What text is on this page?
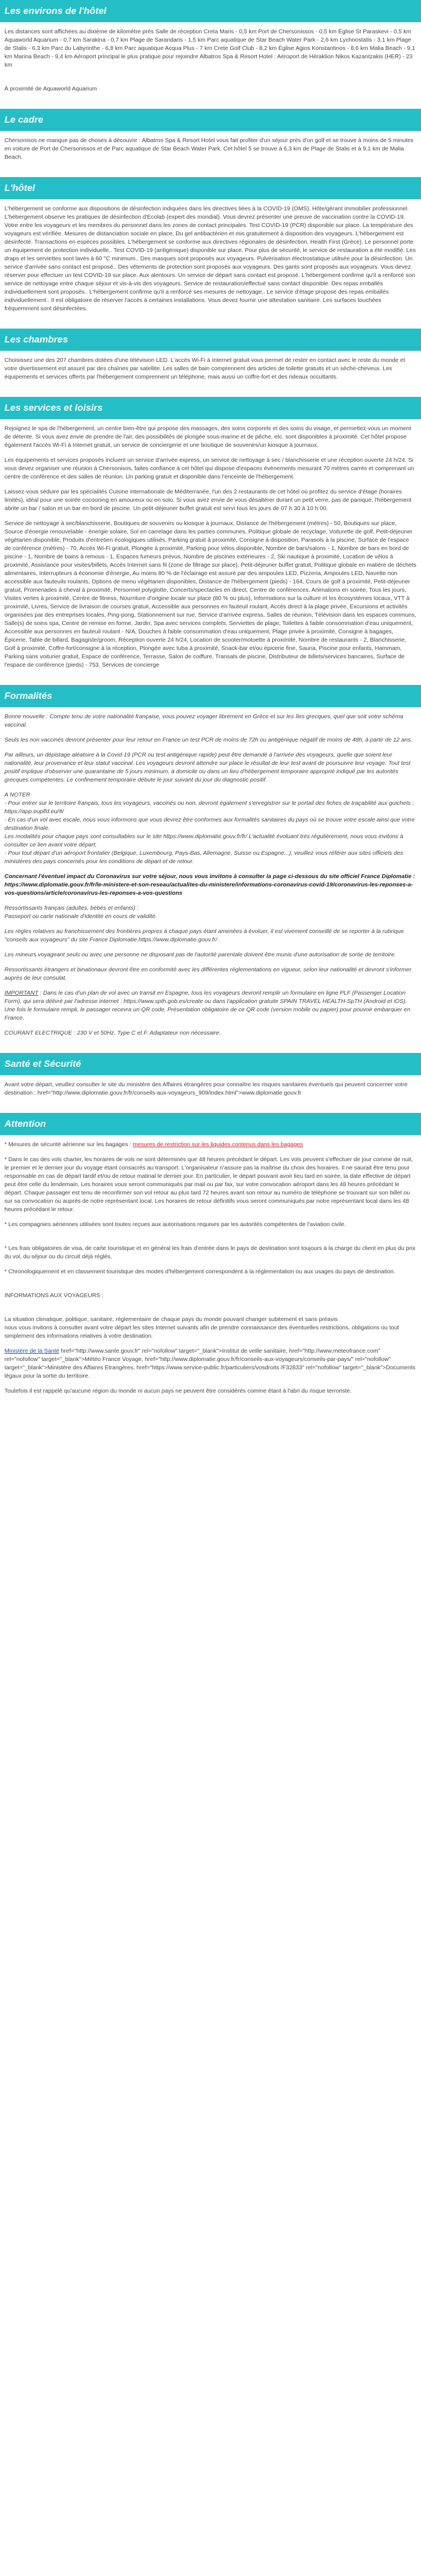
Les environs de l'hôtel

Les distances sont affichées au dixième de kilomètre près Salle de réception Creta Maris - 0,5 km Port de Chersonissos - 0,5 km Église St Paraskevi - 0,5 km Aquaworld Aquarium - 0,7 km Sarakina - 0,7 km Plage de Sarandaris - 1,5 km Parc aquatique de Star Beach Water Park - 2,6 km Lychnostatis - 3,1 km Plage de Stalis - 6,3 km Parc du Labyrinthe - 6,8 km Parc aquatique Acqua Plus - 7 km Crete Golf Club - 8,2 km Église Agios Konstantinos - 8,6 km Malia Beach - 9,1 km Marina Beach - 9,4 km Aéroport principal le plus pratique pour rejoindre Albatros Spa & Resort Hotel : Aéroport de Héraklion Nikos Kazantzakis (HER) - 23 km

À proximité de Aquaworld Aquarium

Le cadre

Chersonisos ne manque pas de choses à découvrir : Albatros Spa & Resort Hotel vous fait profiter d'un séjour près d'un golf et se trouve à moins de 5 minutes en voiture de Port de Chersonissos et de Parc aquatique de Star Beach Water Park. Cet hôtel 5 se trouve à 6,3 km de Plage de Stalis et à 9,1 km de Malia Beach.

L'hôtel

L'hébergement se conforme aux dispositions de désinfection indiquées dans les directives liées à la COVID-19 (OMS). Hôte/gérant immobilier professionnel. L'hébergement observe les pratiques de désinfection d'Ecolab (expert des mondial). Vous devrez présenter une preuve de vaccination contre la COVID-19. Votre entre les voyageurs et les membres du personnel dans les zones de contact principales. Test COVID-19 (PCR) disponible sur place. La température des voyageurs est vérifiée. Mesures de distanciation sociale en place. Du gel antibactérien et mis gratuitement à disposition des voyageurs. L'hébergement est désinfecté. Transactions en espèces possibles. L'hébergement se conforme aux directives régionales de désinfection. Health First (Grèce). Le personnel porte un équipement de protection individuelle.. Test COVID-19 (antigénique) disponible sur place. Pour plus de sécurité, le service de restauration a été modifié. Les draps et les serviettes sont lavés à 60 °C minimum.. Des masques sont proposés aux voyageurs. Pulvérisation électrostatique utilisée pour la désinfection. Un service d'arrivée sans contact est proposé.. Des vêtements de protection sont proposés aux voyageurs. Des gants sont proposés aux voyageurs. Vous devez réserver pour effectuer un test COVID-19 sur place. Aux alentours. Un service de départ sans contact est proposé. L'hébergement confirme qu'il a renforcé son service de nettoyage entre chaque séjour et vis-à-vis des voyageurs. Service de restauration/effectué sans contact disponible. Des repas emballés individuellement sont proposés.. L'hébergement confirme qu'il a renforcé ses mesures de nettoyage.. Le service d'étage propose des repas emballés individuellement.. Il est obligatoire de réserver l'accès à certaines installations. Vous devez fournir une attestation sanitaire. Les surfaces touchées fréquemment sont désinfectées.

Les chambres

Choisissez une des 207 chambres dotées d'une télévision LED. L'accès Wi-Fi à Internet gratuit vous permet de rester en contact avec le reste du monde et votre divertissement est assuré par des chaînes par satellite. Les salles de bain comprennent des articles de toilette gratuits et un sèche-cheveux. Les équipements et services offerts par l'hébergement comprennent un téléphone, mais aussi un coffre-fort et des rideaux occultants.

Les services et loisirs

Rejoignez le spa de l'hébergement, un centre bien-être qui propose des massages, des soins corporels et des soins du visage, et permettez-vous un moment de détente. Si vous avez envie de prendre de l'air, des possibilités de plongée sous-marine et de pêche, etc. sont disponibles à proximité. Cet hôtel propose également l'accès Wi-Fi à Internet gratuit, un service de conciergerie et une boutique de souvenirs/un kiosque à journaux.

Les équipements et services proposés incluent un service d'arrivée express, un service de nettoyage à sec / blanchisserie et une réception ouverte 24 h/24. Si vous devez organiser une réunion à Chersonisos, faites confiance à cet hôtel qui dispose d'espaces événements mesurant 70 mètres carrés et comprenant un centre de conférence et des salles de réunion. Un parking gratuit et disponible dans l'enceinte de l'hébergement.

Laissez-vous séduire par les spécialités Cuisine internationale de Méditerranée, l'un des 2 restaurants de cet hôtel où profitez du service d'étage (horaires limités), idéal pour une soirée cocooning en amoureux ou en solo. Si vous avez envie de vous désaltérer durant un petit verre, pas de panique, l'hébergement abrite un bar / salon et un bar en bord de piscine. Un petit-déjeuner buffet gratuit est servi tous les jours de 07 h 30 à 10 h 00.

Service de nettoyage à sec/blanchisserie, Boutiques de souvenirs ou kiosque à journaux, Distance de l'hébergement (mètres) - 50, Boutiques sur place, Source d'énergie renouvelable - énergie solaire, Sol en carrelage dans les parties communes, Politique globale de recyclage, Voiturette de golf, Petit-déjeuner végétarien disponible, Produits d'entretien écologiques utilisés, Parking gratuit à proximité, Consigne à disposition, Parasols à la piscine, Surface de l'espace de conférence (mètres) - 70, Accès Wi-Fi gratuit, Plongée à proximité, Parking pour vélos disponible, Nombre de bars/salons - 1, Nombre de bars en bord de piscine - 1, Nombre de bains à remous - 1, Espaces fumeurs prévus, Nombre de piscines extérieures - 2, Ski nautique à proximité, Location de vélos à proximité, Assistance pour visites/billets, Accès Internet sans fil (zone de filtrage sur place), Petit-déjeuner buffet gratuit, Politique globale en matière de déchets alimentaires, Interrupteurs à économie d'énergie, Au moins 80 % de l'éclairage est assuré par des ampoules LED, Pizzeria, Ampoules LED, Navette non accessible aux fauteuils roulants, Options de menu végétarien disponibles, Distance de l'hébergement (pieds) - 164, Cours de golf à proximité, Petit-déjeuner gratuit, Promenades à cheval à proximité, Personnel polyglotte, Concerts/spectacles en direct, Centre de conférences, Animations en soirée, Tous les jours, Visites vertes à proximité, Centre de fitness, Nourriture d'origine locale sur place (80 % ou plus), Informations sur la culture et les écosystèmes locaux, VTT à proximité, Livres, Service de livraison de courses gratuit, Accessible aux personnes en fauteuil roulant, Accès direct à la plage privée, Excursions et activités organisées par des entreprises locales, Ping-pong, Stationnement sur rue, Service d'arrivée express, Salles de réunion, Télévision dans les espaces communs, Salle(s) de soins spa, Centre de remise en forme, Jardin, Spa avec services complets, Serviettes de plage, Toilettes à faible consommation d'eau uniquement, Accessible aux personnes en fauteuil roulant - N/A, Douches à faible consommation d'eau uniquement, Plage privée à proximité, Consigne à bagages, Épicerie, Table de billard, Bagagiste/groom, Réception ouverte 24 h/24, Location de scooter/motoette à proximité, Nombre de restaurants - 2, Blanchisserie, Golf à proximité, Coffre-fort/consigne à la réception, Plongée avec tuba à proximité, Snack-bar et/ou épicerie fine, Sauna, Piscine pour enfants, Hammam, Parking sans voiturier gratuit, Espace de conférence, Terrasse, Salon de coiffure, Transats de piscine, Distributeur de billets/services bancaires, Surface de l'espace de conférence (pieds) - 753, Services de concierge

Formalités

Bonne nouvelle : Compte tenu de votre nationalité française, vous pouvez voyager librement en Grèce et sur les îles grecques, quel que soit votre schéma vaccinal.

Seuls les non vaccinés devront présenter pour leur retour en France un test PCR de moins de 72h ou antigénique négatif de moins de 48h, à partir de 12 ans.

Par ailleurs, un dépistage aléatoire à la Covid-19 (PCR ou test antigénique rapide) peut être demandé à l'arrivée des voyageurs, quelle que soient leur nationalité, leur provenance et leur statut vaccinal. Les voyageurs devront attendre sur place le résultat de leur test avant de poursuivre leur voyage. Tout test positif implique d'observer une quarantaine de 5 jours minimum, à domicile ou dans un lieu d'hébergement temporaire approprié indiqué par les autorités grecques compétentes. Le confinement temporaire débute le jour suivant du jour du diagnostic positif.

A NOTER
- Pour entrer sur le territoire français, tous les voyageurs, vaccinés ou non, devront également s'enregistrer sur le portail des fiches de traçabilité aux guichets : https://app.euplfd.eu/#/
- En cas d'un vol avec escale, nous vous informons que vous devrez être conformes aux formalités sanitaires du pays où se trouve votre escale ainsi que votre destination finale.
Les modalités pour chaque pays sont consultables sur le site https://www.diplomatie.gouv.fr/fr/ L'actualité évoluant très régulièrement, nous vous invitons à consulter ce lien avant votre départ.
- Pour tout départ d'un aéroport frontalier (Belgique, Luxembourg, Pays-Bas, Allemagne, Suisse ou Espagne...), veuillez vous référer aux sites officiels des ministères des pays concernés pour les conditions de départ et de retour.

Concernant l'éventuel impact du Coronavirus sur votre séjour, nous vous invitons à consulter la page ci-dessous du site officiel France Diplomatie :
https://www.diplomatie.gouv.fr/fr/le-ministere-et-son-reseau/actualites-du-ministere/informations-coronavirus-covid-19/coronavirus-les-reponses-a-vos-questions/article/coronavirus-les-reponses-a-vos-questions

Ressortissants français (adultes, bébés et enfants) :
Passeport ou carte nationale d'identité en cours de validité.

Les règles relatives au franchissement des frontières propres à chaque pays étant amenées à évoluer, il est vivement conseillé de se reporter à la rubrique "conseils aux voyageurs" du site France Diplomatie.https://www.diplomatie.gouv.fr/ .

Les mineurs voyageant seuls ou avec une personne ne disposant pas de l'autorité parentale doivent être munis d'une autorisation de sortie de territoire.

Ressortissants étrangers et binationaux devront être en conformité avec les différentes réglementations en vigueur, selon leur nationalité et devront s'informer auprès de leur consulat.

IMPORTANT : Dans le cas d'un plan de vol avec un transit en Espagne, tous les voyageurs devront remplir un formulaire en ligne PLF (Passenger Location Form), qui sera délivré par l'adresse internet : https://www.spth.gob.es/create ou dans l'application gratuite SPAIN TRAVEL HEALTH-SpTH (Android et iOS). Une fois le formulaire rempli, le passager recevra un QR code. Présentation obligatoire de ce QR code (version mobile ou papier) pour pouvoir embarquer en France.

COURANT ELECTRIQUE : 230 V et 50Hz. Type C et F. Adaptateur non nécessaire.

Santé et Sécurité

Avant votre départ, veuillez consulter le site du ministère des Affaires étrangères pour connaître les risques sanitaires éventuels qui peuvent concerner votre destination : href="http://www.diplomatie.gouv.fr/fr/conseils-aux-voyageurs_909/index.html">www.diplomatie.gouv.fr

Attention

* Mesures de sécurité aérienne sur les bagages : mesures de restriction sur les liquides contenus dans les bagages

* Dans le cas des vols charter, les horaires de vols ne sont déterminés que 48 heures précédant le départ. Les vols peuvent s'effectuer de jour comme de nuit, le premier et le dernier jour du voyage étant consacrés au transport. L'organisateur n'assure pas la maîtrise du choix des horaires. Il ne saurait être tenu pour responsable en cas de départ tardif et/ou de retour matinal le dernier jour. En particulier, le départ pouvant avoir lieu tard en soirée, la date effective de départ peut être celle du lendemain. Les horaires vous seront communiqués par mail ou par fax, sur votre convocation aéroport dans les 48 heures précédant le départ. Chaque passager est tenu de reconfirmer son vol retour au plus tard 72 heures avant son retour au numéro de téléphone se trouvant sur son billet ou sur sa convocation ou auprès de notre représentant local. Les horaires de retour définitifs vous seront communiqués par notre représentant local dans les 48 heures précédant le retour.

* Les compagnies aériennes utilisées sont toutes reçues aux autorisations requises par les autorités compétentes de l'aviation civile.

* Les frais obligatoires de visa, de carte touristique et en général les frais d'entrée dans le pays de destination sont toujours à la charge du client en plus du prix du vol, du séjour ou du circuit déjà réglés.

* Chronologiquement et en classement touristique des modes d'hébergement correspondent à la réglementation ou aux usages du pays de destination.

INFORMATIONS AUX VOYAGEURS :

La situation climatique, politique, sanitaire, réglementaire de chaque pays du monde pouvant changer subitement et sans préavis
nous vous invitons à consulter avant votre départ les sites Internet suivants afin de prendre connaissance des éventuelles restrictions, obligations ou tout simplement des informations relatives à votre destination.

Ministère de la Santé href="http://www.sante.gouv.fr" rel="nofollow" target="_blank">Institut de veille sanitaire, href="http://www.meteofrance.com" rel="nofollow" target="_blank">Météo France Voyage, href="http://www.diplomatie.gouv.fr/fr/conseils-aux-voyageurs/conseils-par-pays/" rel="nofollow" target="_blank">Ministère des Affaires Etrangères, href="https://www.service-public.fr/particuliers/vosdroits /F32833" rel="nofollow" target="_blank">Documents légaux pour la sortie du territoire.

Toutefois il est rappelé qu'aucune région du monde ni aucun pays ne peuvent être considérés comme étant à l'abri du risque terroriste.
